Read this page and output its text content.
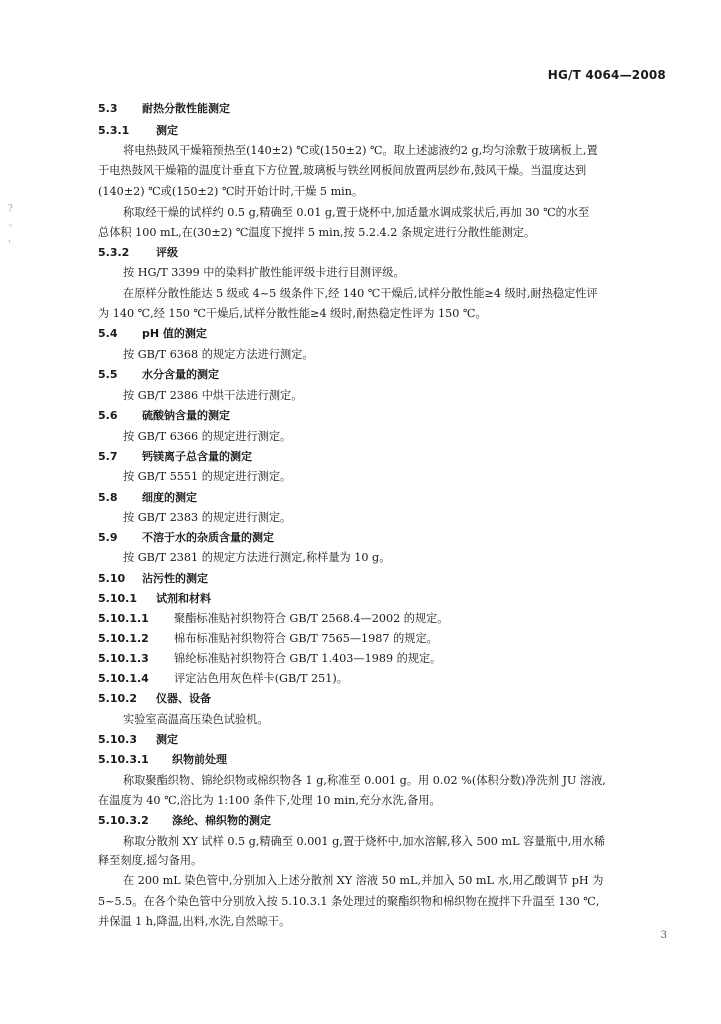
HG/T 4064—2008
5.3 耐热分散性能测定
5.3.1 测定
将电热鼓风干燥箱预热至(140±2) ℃或(150±2) ℃。取上述滤液约2 g,均匀涂敷于玻璃板上,置
于电热鼓风干燥箱的温度计垂直下方位置,玻璃板与铁丝网板间放置两层纱布,鼓风干燥。当温度达到
(140±2) ℃或(150±2) ℃时开始计时,干燥 5 min。
称取经干燥的试样约 0.5 g,精确至 0.01 g,置于烧杯中,加适量水调成浆状后,再加 30 ℃的水至
总体积 100 mL,在(30±2) ℃温度下搅拌 5 min,按 5.2.4.2 条规定进行分散性能测定。
5.3.2 评级
按 HG/T 3399 中的染料扩散性能评级卡进行目测评级。
在原样分散性能达 5 级或 4~5 级条件下,经 140 ℃干燥后,试样分散性能≥4 级时,耐热稳定性评
为 140 ℃,经 150 ℃干燥后,试样分散性能≥4 级时,耐热稳定性评为 150 ℃。
5.4 pH 值的测定
按 GB/T 6368 的规定方法进行测定。
5.5 水分含量的测定
按 GB/T 2386 中烘干法进行测定。
5.6 硫酸钠含量的测定
按 GB/T 6366 的规定进行测定。
5.7 钙镁离子总含量的测定
按 GB/T 5551 的规定进行测定。
5.8 细度的测定
按 GB/T 2383 的规定进行测定。
5.9 不溶于水的杂质含量的测定
按 GB/T 2381 的规定方法进行测定,称样量为 10 g。
5.10 沾污性的测定
5.10.1 试剂和材料
5.10.1.1 聚酯标准贴衬织物符合 GB/T 2568.4—2002 的规定。
5.10.1.2 棉布标准贴衬织物符合 GB/T 7565—1987 的规定。
5.10.1.3 锦纶标准贴衬织物符合 GB/T 1.403—1989 的规定。
5.10.1.4 评定沾色用灰色样卡(GB/T 251)。
5.10.2 仪器、设备
实验室高温高压染色试验机。
5.10.3 测定
5.10.3.1 织物前处理
称取聚酯织物、锦纶织物或棉织物各 1 g,称准至 0.001 g。用 0.02 %(体积分数)净洗剂 JU 溶液,
在温度为 40 ℃,浴比为 1:100 条件下,处理 10 min,充分水洗,备用。
5.10.3.2 涤纶、棉织物的测定
称取分散剂 XY 试样 0.5 g,精确至 0.001 g,置于烧杯中,加水溶解,移入 500 mL 容量瓶中,用水稀
释至刻度,摇匀备用。
在 200 mL 染色管中,分别加入上述分散剂 XY 溶液 50 mL,并加入 50 mL 水,用乙酸调节 pH 为
5~5.5。在各个染色管中分别放入按 5.10.3.1 条处理过的聚酯织物和棉织物在搅拌下升温至 130 ℃,
并保温 1 h,降温,出料,水洗,自然晾干。
?
◦
'
3
